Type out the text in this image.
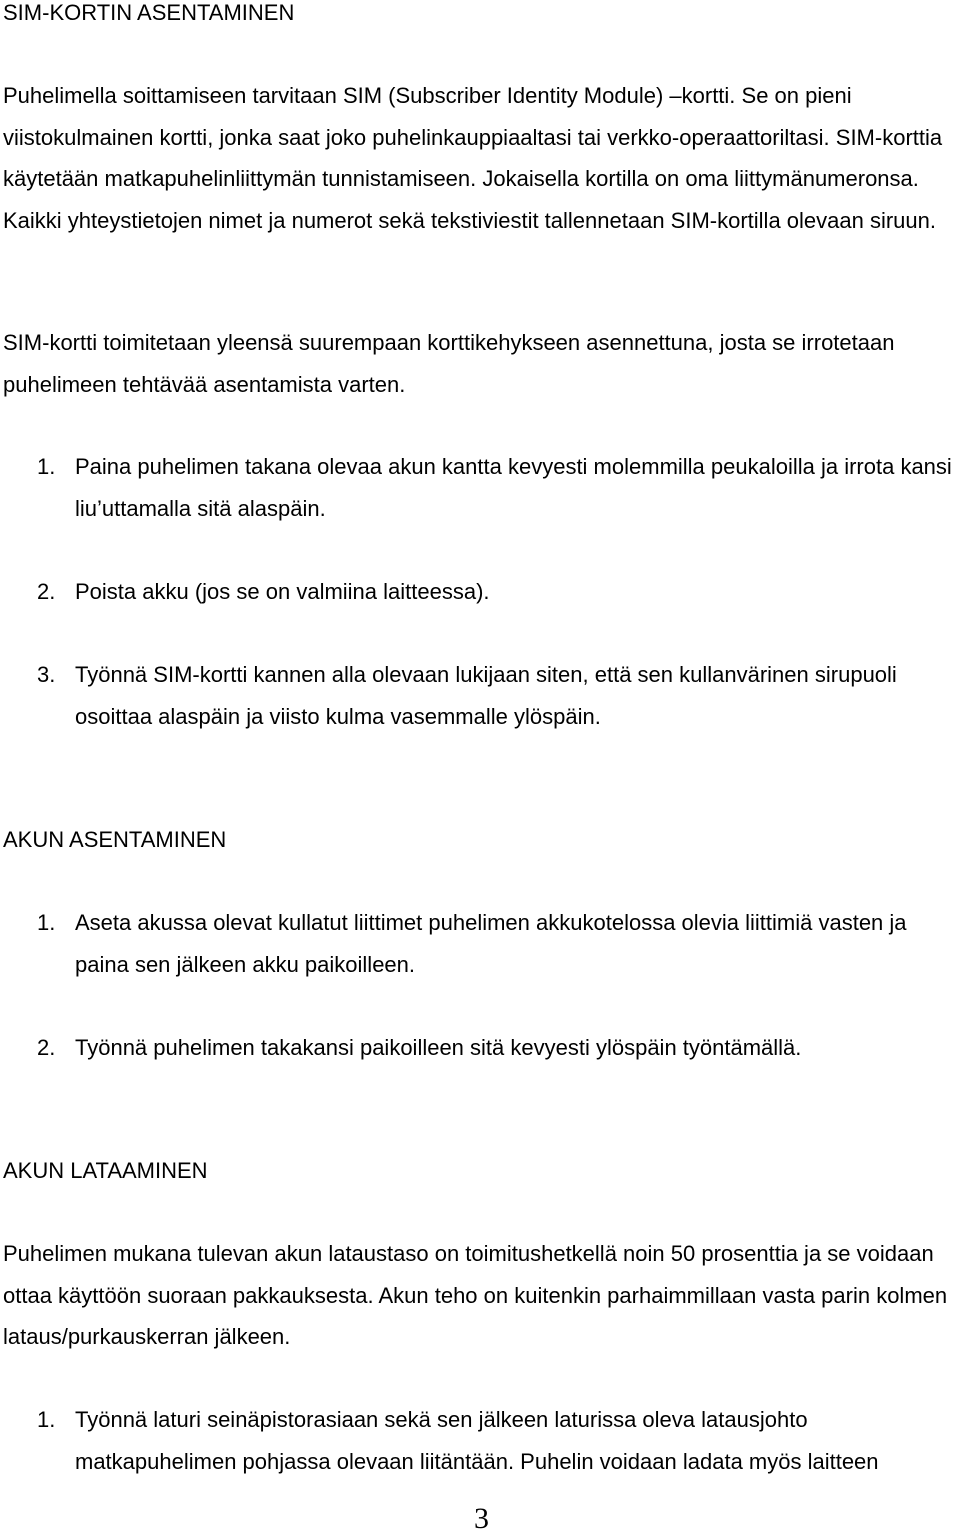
SIM-KORTIN ASENTAMINEN

Puhelimella soittamiseen tarvitaan SIM (Subscriber Identity Module) –kortti. Se on pieni viistokulmainen kortti, jonka saat joko puhelinkauppiaaltasi tai verkko-operaattoriltasi. SIM-korttia käytetään matkapuhelinliittymän tunnistamiseen. Jokaisella kortilla on oma liittymänumeronsa. Kaikki yhteystietojen nimet ja numerot sekä tekstiviestit tallennetaan SIM-kortilla olevaan siruun.

SIM-kortti toimitetaan yleensä suurempaan korttikehykseen asennettuna, josta se irrotetaan puhelimeen tehtävää asentamista varten.

1. Paina puhelimen takana olevaa akun kantta kevyesti molemmilla peukaloilla ja irrota kansi liu’uttamalla sitä alaspäin.
2. Poista akku (jos se on valmiina laitteessa).
3. Työnnä SIM-kortti kannen alla olevaan lukijaan siten, että sen kullanvärinen sirupuoli osoittaa alaspäin ja viisto kulma vasemmalle ylöspäin.
AKUN ASENTAMINEN
1. Aseta akussa olevat kullatut liittimet puhelimen akkukotelossa olevia liittimiä vasten ja paina sen jälkeen akku paikoilleen.
2. Työnnä puhelimen takakansi paikoilleen sitä kevyesti ylöspäin työntämällä.
AKUN LATAAMINEN

Puhelimen mukana tulevan akun lataustaso on toimitushetkellä noin 50 prosenttia ja se voidaan ottaa käyttöön suoraan pakkauksesta. Akun teho on kuitenkin parhaimmillaan vasta parin kolmen lataus/purkauskerran jälkeen.

1. Työnnä laturi seinäpistorasiaan sekä sen jälkeen laturissa oleva latausjohto matkapuhelimen pohjassa olevaan liitäntään. Puhelin voidaan ladata myös laitteen
3
